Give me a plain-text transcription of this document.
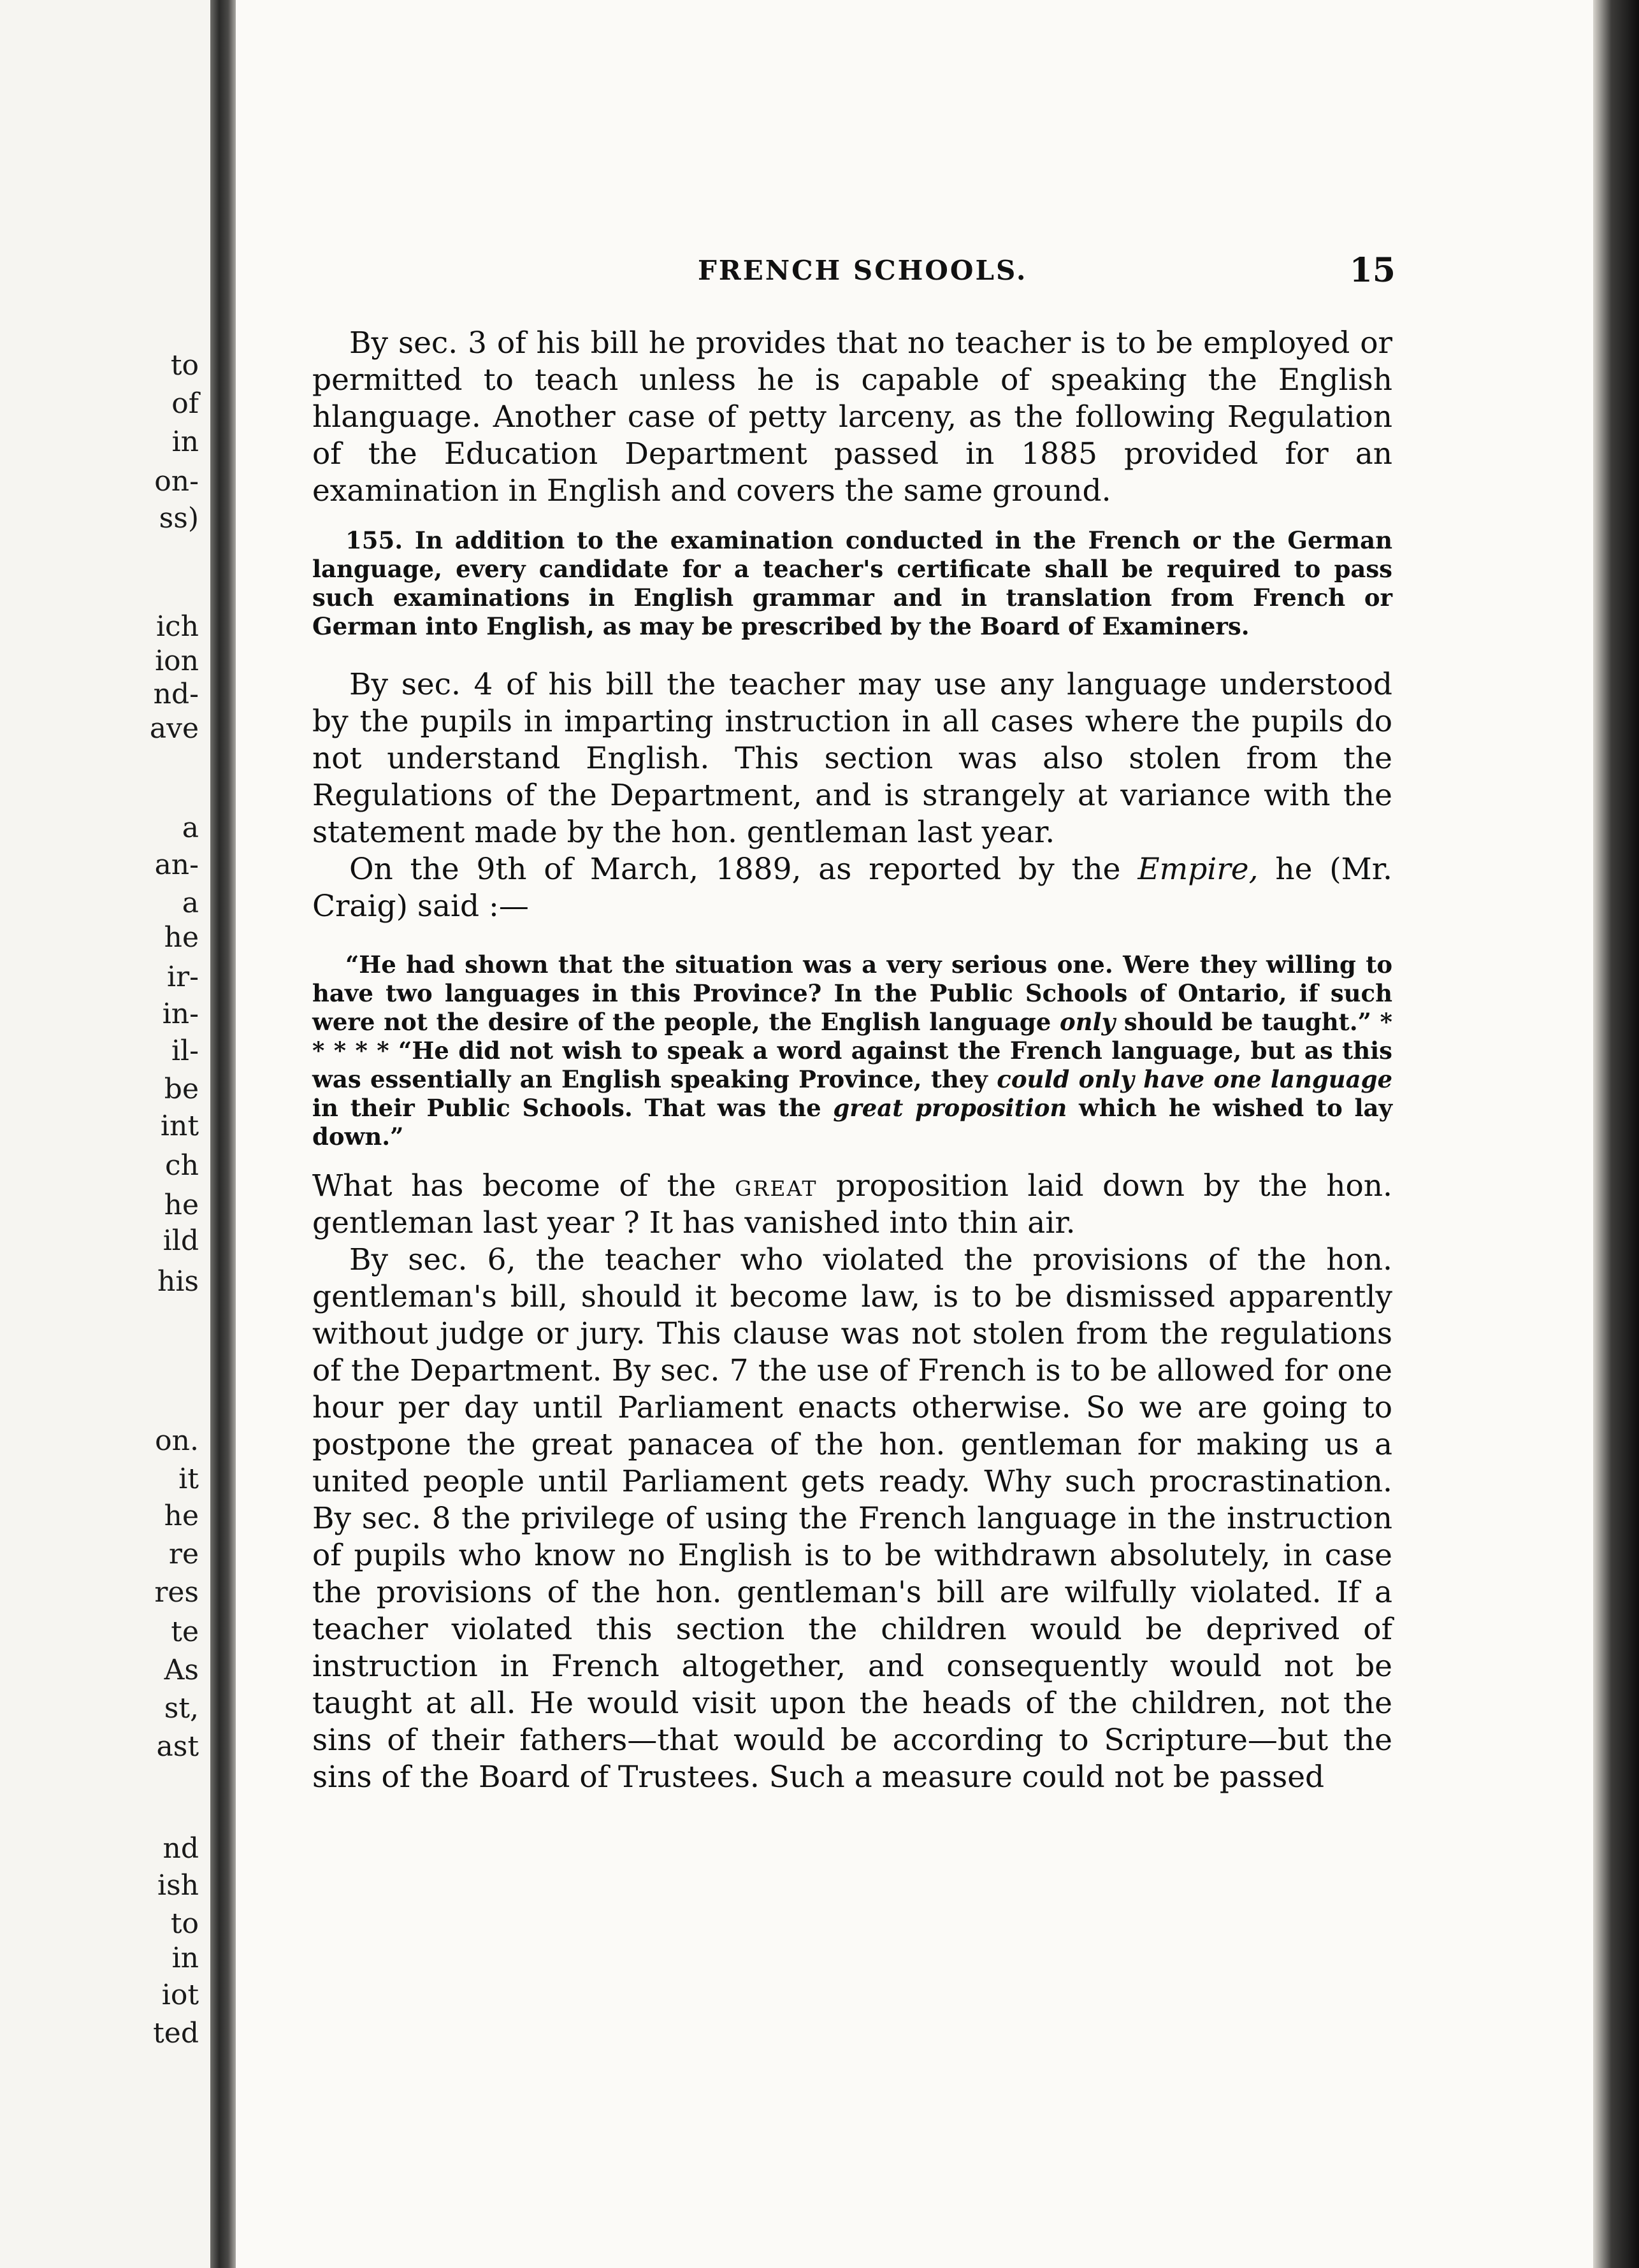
to
of
in
on-
ss)
ich
ion
nd-
ave
a
an-
a
he
ir-
in-
il-
be
int
ch
he
ild
his
on.
it
he
re
res
te
As
st,
ast
nd
ish
to
in
iot
ted
FRENCH SCHOOLS.	15

By sec. 3 of his bill he provides that no teacher is to be employed or permitted to teach unless he is capable of speaking the English hlanguage. Another case of petty larceny, as the following Regulation of the Education Department passed in 1885 provided for an examination in English and covers the same ground.

155. In addition to the examination conducted in the French or the German language, every candidate for a teacher's certificate shall be required to pass such examinations in English grammar and in translation from French or German into English, as may be prescribed by the Board of Examiners.

By sec. 4 of his bill the teacher may use any language understood by the pupils in imparting instruction in all cases where the pupils do not understand English. This section was also stolen from the Regulations of the Department, and is strangely at variance with the statement made by the hon. gentleman last year.

On the 9th of March, 1889, as reported by the Empire, he (Mr. Craig) said :—

“He had shown that the situation was a very serious one. Were they willing to have two languages in this Province? In the Public Schools of Ontario, if such were not the desire of the people, the English language only should be taught.” * * * * * “He did not wish to speak a word against the French language, but as this was essentially an English speaking Province, they could only have one language in their Public Schools. That was the great proposition which he wished to lay down.”

What has become of the great proposition laid down by the hon. gentleman last year ? It has vanished into thin air.

By sec. 6, the teacher who violated the provisions of the hon. gentleman's bill, should it become law, is to be dismissed apparently without judge or jury. This clause was not stolen from the regulations of the Department. By sec. 7 the use of French is to be allowed for one hour per day until Parliament enacts otherwise. So we are going to postpone the great panacea of the hon. gentleman for making us a united people until Parliament gets ready. Why such procrastination. By sec. 8 the privilege of using the French language in the instruction of pupils who know no English is to be withdrawn absolutely, in case the provisions of the hon. gentleman's bill are wilfully violated. If a teacher violated this section the children would be deprived of instruction in French altogether, and consequently would not be taught at all. He would visit upon the heads of the children, not the sins of their fathers—that would be according to Scripture—but the sins of the Board of Trustees. Such a measure could not be passed
